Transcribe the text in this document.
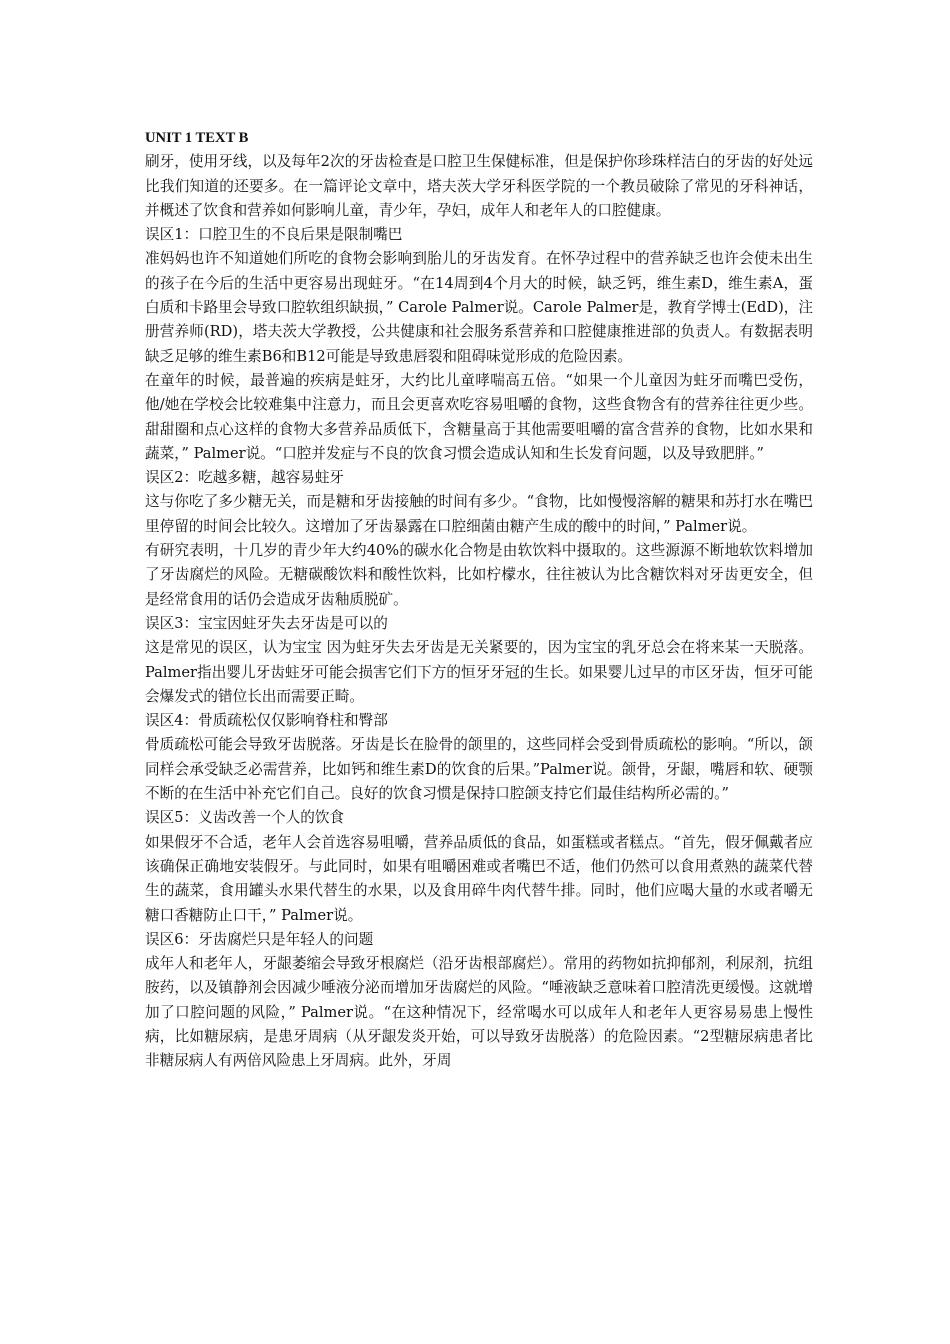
UNIT 1 TEXT B

刷牙，使用牙线，以及每年2次的牙齿检查是口腔卫生保健标准，但是保护你珍珠样洁白的牙齿的好处远比我们知道的还要多。在一篇评论文章中，塔夫茨大学牙科医学院的一个教员破除了常见的牙科神话，并概述了饮食和营养如何影响儿童，青少年，孕妇，成年人和老年人的口腔健康。

误区1：口腔卫生的不良后果是限制嘴巴

准妈妈也许不知道她们所吃的食物会影响到胎儿的牙齿发育。在怀孕过程中的营养缺乏也许会使未出生的孩子在今后的生活中更容易出现蛀牙。“在14周到4个月大的时候，缺乏钙，维生素D，维生素A，蛋白质和卡路里会导致口腔软组织缺损，” Carole Palmer说。Carole Palmer是，教育学博士(EdD)，注册营养师(RD)，塔夫茨大学教授，公共健康和社会服务系营养和口腔健康推进部的负责人。有数据表明缺乏足够的维生素B6和B12可能是导致患唇裂和阻碍味觉形成的危险因素。

在童年的时候，最普遍的疾病是蛀牙，大约比儿童哮喘高五倍。“如果一个儿童因为蛀牙而嘴巴受伤，他/她在学校会比较难集中注意力，而且会更喜欢吃容易咀嚼的食物，这些食物含有的营养往往更少些。甜甜圈和点心这样的食物大多营养品质低下，含糖量高于其他需要咀嚼的富含营养的食物，比如水果和蔬菜，” Palmer说。“口腔并发症与不良的饮食习惯会造成认知和生长发育问题，以及导致肥胖。”

误区2：吃越多糖，越容易蛀牙

这与你吃了多少糖无关，而是糖和牙齿接触的时间有多少。“食物，比如慢慢溶解的糖果和苏打水在嘴巴里停留的时间会比较久。这增加了牙齿暴露在口腔细菌由糖产生成的酸中的时间，” Palmer说。

有研究表明，十几岁的青少年大约40%的碳水化合物是由软饮料中摄取的。这些源源不断地软饮料增加了牙齿腐烂的风险。无糖碳酸饮料和酸性饮料，比如柠檬水，往往被认为比含糖饮料对牙齿更安全，但是经常食用的话仍会造成牙齿釉质脱矿。

误区3：宝宝因蛀牙失去牙齿是可以的

这是常见的误区，认为宝宝 因为蛀牙失去牙齿是无关紧要的，因为宝宝的乳牙总会在将来某一天脱落。Palmer指出婴儿牙齿蛀牙可能会损害它们下方的恒牙牙冠的生长。如果婴儿过早的市区牙齿，恒牙可能会爆发式的错位长出而需要正畸。

误区4：骨质疏松仅仅影响脊柱和臀部

骨质疏松可能会导致牙齿脱落。牙齿是长在脸骨的颌里的，这些同样会受到骨质疏松的影响。“所以，颌同样会承受缺乏必需营养，比如钙和维生素D的饮食的后果。”Palmer说。颌骨，牙龈，嘴唇和软、硬颚不断的在生活中补充它们自己。良好的饮食习惯是保持口腔颌支持它们最佳结构所必需的。”

误区5：义齿改善一个人的饮食

如果假牙不合适，老年人会首选容易咀嚼，营养品质低的食品，如蛋糕或者糕点。“首先，假牙佩戴者应该确保正确地安装假牙。与此同时，如果有咀嚼困难或者嘴巴不适，他们仍然可以食用煮熟的蔬菜代替生的蔬菜，食用罐头水果代替生的水果，以及食用碎牛肉代替牛排。同时，他们应喝大量的水或者嚼无糖口香糖防止口干，” Palmer说。

误区6：牙齿腐烂只是年轻人的问题

成年人和老年人，牙龈萎缩会导致牙根腐烂（沿牙齿根部腐烂）。常用的药物如抗抑郁剂，利尿剂，抗组胺药，以及镇静剂会因减少唾液分泌而增加牙齿腐烂的风险。“唾液缺乏意味着口腔清洗更缓慢。这就增加了口腔问题的风险，” Palmer说。“在这种情况下，经常喝水可以成年人和老年人更容易易患上慢性病，比如糖尿病，是患牙周病（从牙龈发炎开始，可以导致牙齿脱落）的危险因素。“2型糖尿病患者比非糖尿病人有两倍风险患上牙周病。此外，牙周
